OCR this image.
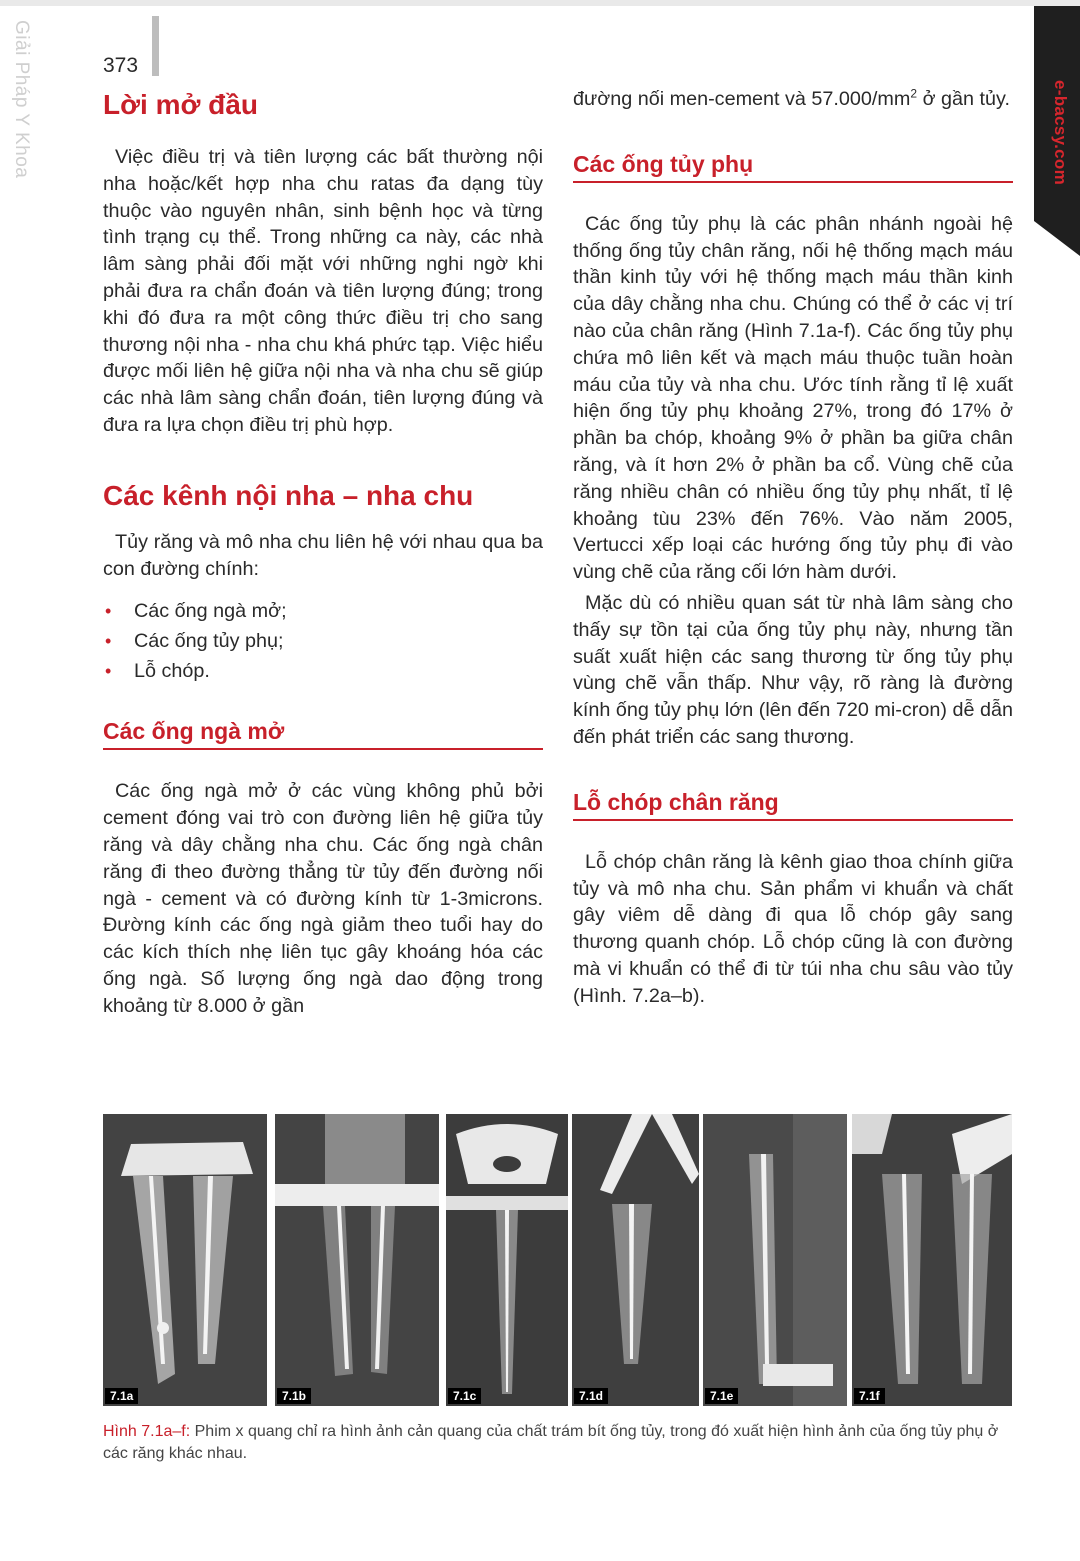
Giải Pháp Y Khoa	373
e-bacsy.com
Lời mở đầu

Việc điều trị và tiên lượng các bất thường nội nha hoặc/kết hợp nha chu ratas đa dạng tùy thuộc vào nguyên nhân, sinh bệnh học và từng tình trạng cụ thể. Trong những ca này, các nhà lâm sàng phải đối mặt với những nghi ngờ khi phải đưa ra chẩn đoán và tiên lượng đúng; trong khi đó đưa ra một công thức điều trị cho sang thương nội nha - nha chu khá phức tạp. Việc hiểu được mối liên hệ giữa nội nha và nha chu sẽ giúp các nhà lâm sàng chẩn đoán, tiên lượng đúng và đưa ra lựa chọn điều trị phù hợp.

Các kênh nội nha – nha chu

Tủy răng và mô nha chu liên hệ với nhau qua ba con đường chính:

• Các ống ngà mở;
• Các ống tủy phụ;
• Lỗ chóp.
Các ống ngà mở

Các ống ngà mở ở các vùng không phủ bởi cement đóng vai trò con đường liên hệ giữa tủy răng và dây chằng nha chu. Các ống ngà chân răng đi theo đường thẳng từ tủy đến đường nối ngà - cement và có đường kính từ 1-3microns. Đường kính các ống ngà giảm theo tuổi hay do các kích thích nhẹ liên tục gây khoáng hóa các ống ngà. Số lượng ống ngà dao động trong khoảng từ 8.000 ở gần

đường nối men-cement và $57.000/mm^2$ ở gần tủy.

Các ống tủy phụ

Các ống tủy phụ là các phân nhánh ngoài hệ thống ống tủy chân răng, nối hệ thống mạch máu thần kinh tủy với hệ thống mạch máu thần kinh của dây chằng nha chu. Chúng có thể ở các vị trí nào của chân răng (Hình 7.1a-f). Các ống tủy phụ chứa mô liên kết và mạch máu thuộc tuần hoàn máu của tủy và nha chu. Ước tính rằng tỉ lệ xuất hiện ống tủy phụ khoảng 27%, trong đó 17% ở phần ba chóp, khoảng 9% ở phần ba giữa chân răng, và ít hơn 2% ở phần ba cổ. Vùng chẽ của răng nhiều chân có nhiều ống tủy phụ nhất, tỉ lệ khoảng tùu 23% đến 76%. Vào năm 2005, Vertucci xếp loại các hướng ống tủy phụ đi vào vùng chẽ của răng cối lớn hàm dưới.

Mặc dù có nhiều quan sát từ nhà lâm sàng cho thấy sự tồn tại của ống tủy phụ này, nhưng tần suất xuất hiện các sang thương từ ống tủy phụ vùng chẽ vẫn thấp. Như vậy, rõ ràng là đường kính ống tủy phụ lớn (lên đến 720 mi-cron) dễ dẫn đến phát triển các sang thương.

Lỗ chóp chân răng

Lỗ chóp chân răng là kênh giao thoa chính giữa tủy và mô nha chu. Sản phẩm vi khuẩn và chất gây viêm dễ dàng đi qua lỗ chóp gây sang thương quanh chóp. Lỗ chóp cũng là con đường mà vi khuẩn có thể đi từ túi nha chu sâu vào tủy (Hình. 7.2a–b).

7.1a	7.1b	7.1c	7.1d	7.1e	7.1f
Hình 7.1a–f: Phim x quang chỉ ra hình ảnh cản quang của chất trám bít ống tủy, trong đó xuất hiện hình ảnh của ống tủy phụ ở các răng khác nhau.
